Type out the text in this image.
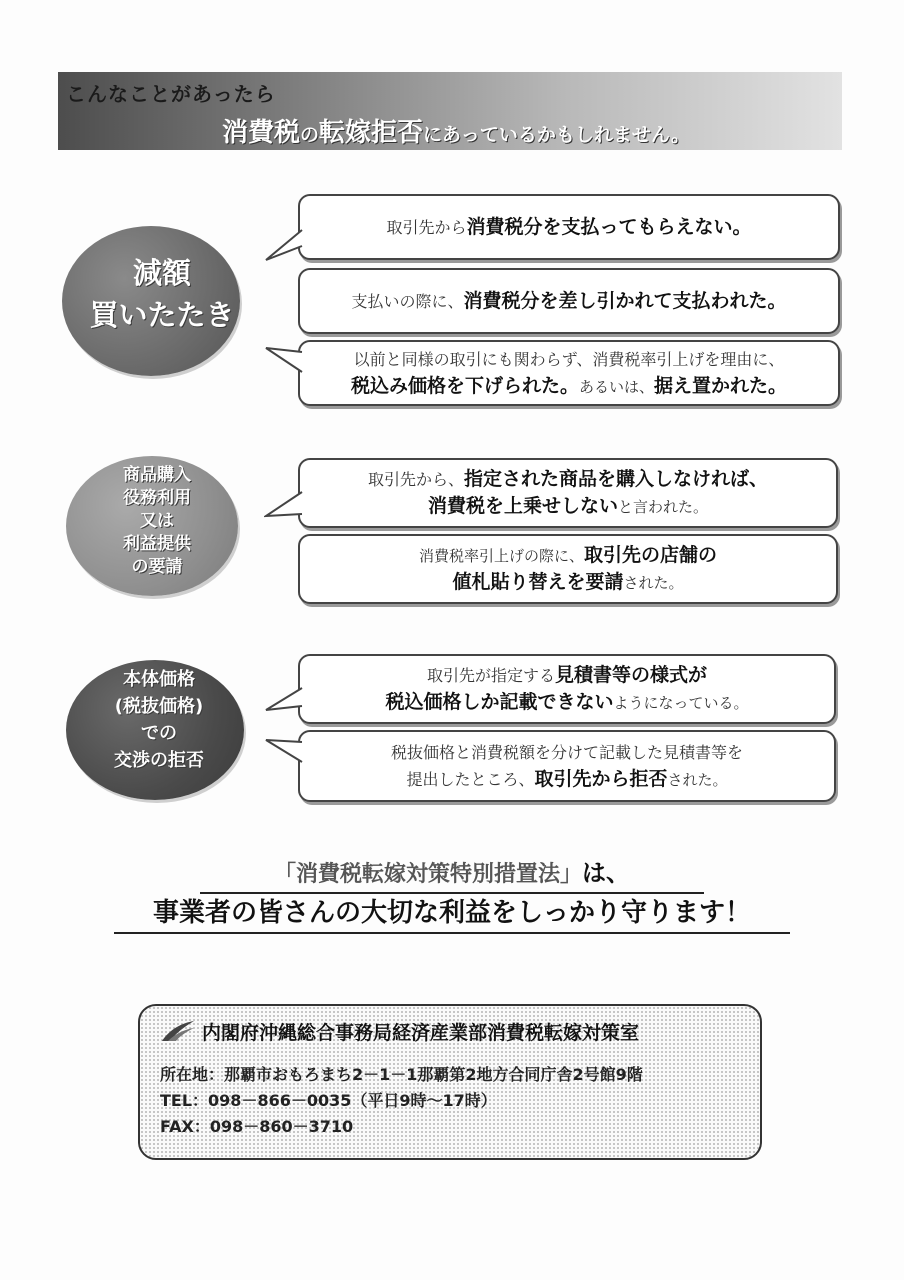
こんなことがあったら
消費税の転嫁拒否にあっているかもしれません。
減額
買いたたき
取引先から消費税分を支払ってもらえない。
支払いの際に、消費税分を差し引かれて支払われた。
以前と同様の取引にも関わらず、消費税率引上げを理由に、
税込み価格を下げられた。あるいは、据え置かれた。
商品購入
役務利用
又は
利益提供
の要請
取引先から、指定された商品を購入しなければ、
消費税を上乗せしないと言われた。
消費税率引上げの際に、取引先の店舗の
値札貼り替えを要請された。
本体価格
(税抜価格)
での
交渉の拒否
取引先が指定する見積書等の様式が
税込価格しか記載できないようになっている。
税抜価格と消費税額を分けて記載した見積書等を
提出したところ、取引先から拒否された。
「消費税転嫁対策特別措置法」は、
事業者の皆さんの大切な利益をしっかり守ります！
内閣府沖縄総合事務局経済産業部消費税転嫁対策室
所在地：那覇市おもろまち2－1－1那覇第2地方合同庁舎2号館9階
TEL：098－866－0035（平日9時～17時）
FAX：098－860－3710
